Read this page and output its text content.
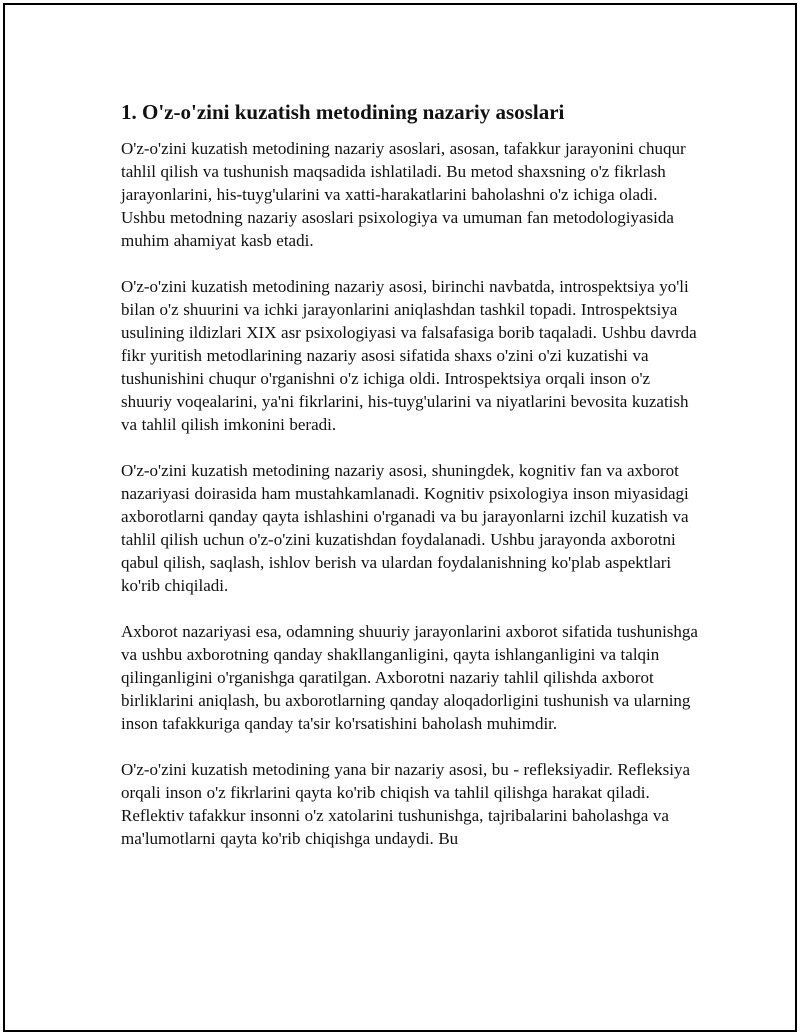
1. O'z-o'zini kuzatish metodining nazariy asoslari

O'z-o'zini kuzatish metodining nazariy asoslari, asosan, tafakkur jarayonini chuqur tahlil qilish va tushunish maqsadida ishlatiladi. Bu metod shaxsning o'z fikrlash jarayonlarini, his-tuyg'ularini va xatti-harakatlarini baholashni o'z ichiga oladi. Ushbu metodning nazariy asoslari psixologiya va umuman fan metodologiyasida muhim ahamiyat kasb etadi.

O'z-o'zini kuzatish metodining nazariy asosi, birinchi navbatda, introspektsiya yo'li bilan o'z shuurini va ichki jarayonlarini aniqlashdan tashkil topadi. Introspektsiya usulining ildizlari XIX asr psixologiyasi va falsafasiga borib taqaladi. Ushbu davrda fikr yuritish metodlarining nazariy asosi sifatida shaxs o'zini o'zi kuzatishi va tushunishini chuqur o'rganishni o'z ichiga oldi. Introspektsiya orqali inson o'z shuuriy voqealarini, ya'ni fikrlarini, his-tuyg'ularini va niyatlarini bevosita kuzatish va tahlil qilish imkonini beradi.

O'z-o'zini kuzatish metodining nazariy asosi, shuningdek, kognitiv fan va axborot nazariyasi doirasida ham mustahkamlanadi. Kognitiv psixologiya inson miyasidagi axborotlarni qanday qayta ishlashini o'rganadi va bu jarayonlarni izchil kuzatish va tahlil qilish uchun o'z-o'zini kuzatishdan foydalanadi. Ushbu jarayonda axborotni qabul qilish, saqlash, ishlov berish va ulardan foydalanishning ko'plab aspektlari ko'rib chiqiladi.

Axborot nazariyasi esa, odamning shuuriy jarayonlarini axborot sifatida tushunishga va ushbu axborotning qanday shakllanganligini, qayta ishlanganligini va talqin qilinganligini o'rganishga qaratilgan. Axborotni nazariy tahlil qilishda axborot birliklarini aniqlash, bu axborotlarning qanday aloqadorligini tushunish va ularning inson tafakkuriga qanday ta'sir ko'rsatishini baholash muhimdir.

O'z-o'zini kuzatish metodining yana bir nazariy asosi, bu - refleksiyadir. Refleksiya orqali inson o'z fikrlarini qayta ko'rib chiqish va tahlil qilishga harakat qiladi. Reflektiv tafakkur insonni o'z xatolarini tushunishga, tajribalarini baholashga va ma'lumotlarni qayta ko'rib chiqishga undaydi. Bu
